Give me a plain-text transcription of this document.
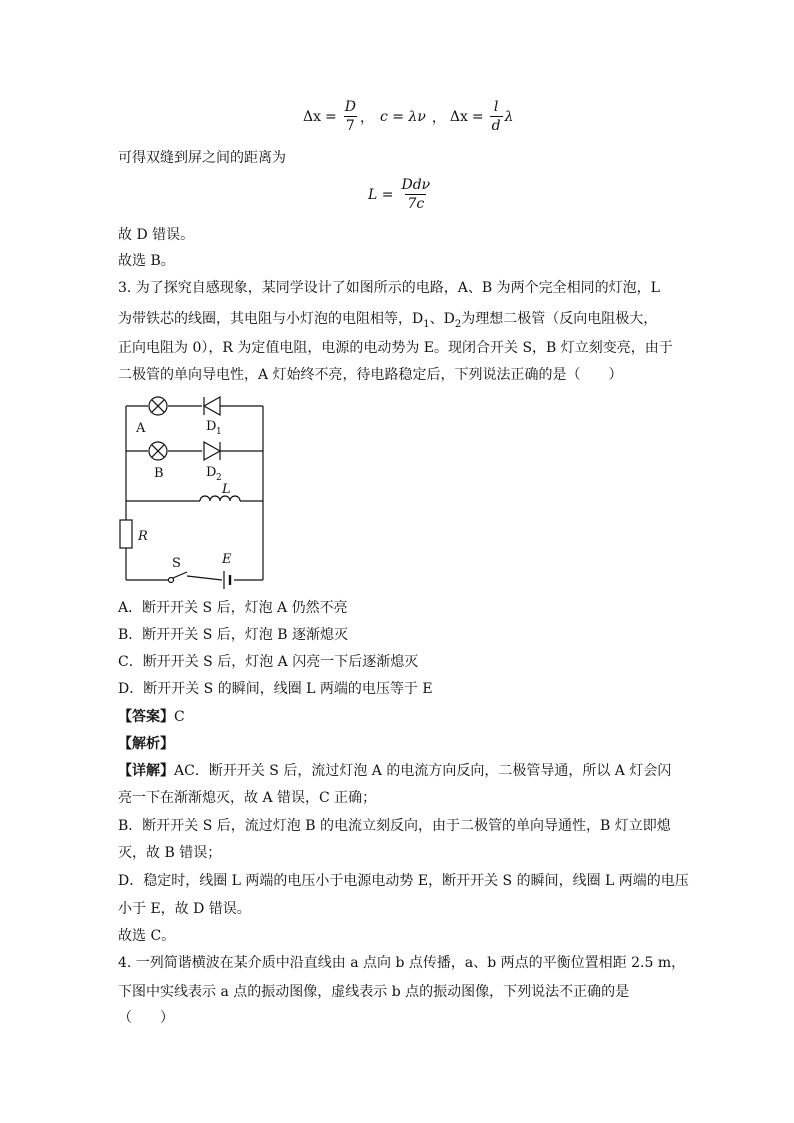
$\Delta x = \frac{D}{7}$ ， c = λν ， $\Delta x = \frac{l}{d}$ λ
可得双缝到屏之间的距离为
$L = \frac{\text{Ddν}}{7c}$
故 D 错误。
故选 B。
3. 为了探究自感现象，某同学设计了如图所示的电路，A、B 为两个完全相同的灯泡，L
为带铁芯的线圈，其电阻与小灯泡的电阻相等，$D_1$、$D_2$为理想二极管（反向电阻极大，
正向电阻为 0），R 为定值电阻，电源的电动势为 E。现闭合开关 S，B 灯立刻变亮，由于
二极管的单向导电性，A 灯始终不亮，待电路稳定后，下列说法正确的是（　　）
A	D 1
B	D 2
L
R
S	E
A．断开开关 S 后，灯泡 A 仍然不亮
B．断开开关 S 后，灯泡 B 逐渐熄灭
C．断开开关 S 后，灯泡 A 闪亮一下后逐渐熄灭
D．断开开关 S 的瞬间，线圈 L 两端的电压等于 E
【答案】C
【解析】
【详解】AC．断开开关 S 后，流过灯泡 A 的电流方向反向，二极管导通，所以 A 灯会闪
亮一下在渐渐熄灭，故 A 错误，C 正确；
B．断开开关 S 后，流过灯泡 B 的电流立刻反向，由于二极管的单向导通性，B 灯立即熄
灭，故 B 错误；
D．稳定时，线圈 L 两端的电压小于电源电动势 E，断开开关 S 的瞬间，线圈 L 两端的电压
小于 E，故 D 错误。
故选 C。
4. 一列简谐横波在某介质中沿直线由 a 点向 b 点传播，a、b 两点的平衡位置相距 2.5 m，
下图中实线表示 a 点的振动图像，虚线表示 b 点的振动图像，下列说法不正确的是
（　　）
